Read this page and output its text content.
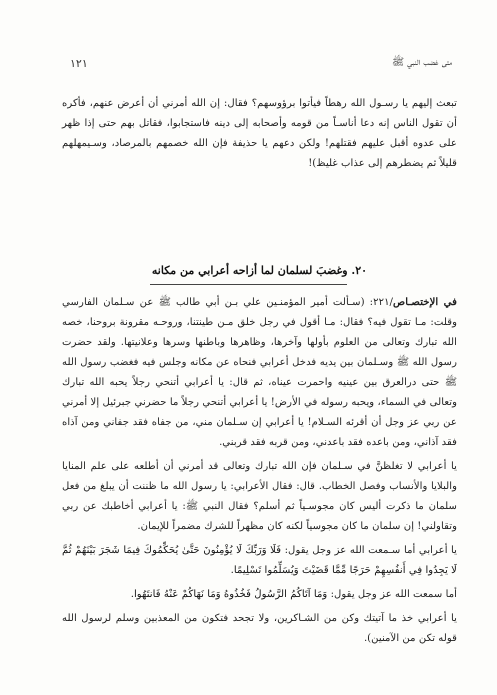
١٢١	متى غضب النبي ﷺ

تبعث إليهم يا رسـول الله رهطاً فيأتوا برؤوسهم؟ فقال: إن الله أمرني أن أعرض عنهم، فأكره أن تقول الناس إنه دعا أناسـاً من قومه وأصحابه إلى دينه فاستجابوا، فقاتل بهم حتى إذا ظهر على عدوه أقبل عليهم فقتلهم! ولكن دعهم يا حذيفة فإن الله خصمهم بالمرصاد، وسـيمهلهم قليلاً ثم يضطرهم إلى عذاب غليظ)!

٢٠. وغضبَ لسلمان لما أزاحه أعرابي من مكانه

في الإختصـاص/٢٢١: (سـألت أمير المؤمنـين علي بـن أبي طالب ﷺ عن سـلمان الفارسي وقلت: مـا تقول فيه؟ فقال: مـا أقول في رجل خلق مـن طينتنا، وروحـه مقرونة بروحنا، خصه الله تبارك وتعالى من العلوم بأولها وآخرها، وظاهرها وباطنها وسرها وعلانيتها. ولقد حضرت رسول الله ﷺ وسـلمان بين يديه فدخل أعرابي فنحاه عن مكانه وجلس فيه فغضب رسول الله ﷺ حتى درالعرق بين عينيه واحمرت عيناه، ثم قال: يا أعرابي أتنحي رجلاً يحبه الله تبارك وتعالى في السماء، ويحبه رسوله في الأرض! يا أعرابي أتنحي رجلاً ما حضرني جبرئيل إلا أمرني عن ربي عز وجل أن أقرئه السـلام! يا أعرابي إن سـلمان مني، من جفاه فقد جفاني ومن آذاه فقد آذاني، ومن باعده فقد باعدني، ومن قربه فقد قربني.

يا أعرابي لا تغلظنَّ في سـلمان فإن الله تبارك وتعالى قد أمرني أن أطلعه على علم المنايا والبلايا والأنساب وفصل الخطاب. قال: فقال الأعرابي: يا رسول الله ما ظننت أن يبلغ من فعل سلمان ما ذكرت أليس كان مجوسـياً ثم أسلم؟ فقال النبي ﷺ: يا أعرابي أخاطبك عن ربي وتقاولني! إن سلمان ما كان مجوسياً لكنه كان مظهراً للشرك مضمراً للإيمان.

يا أعرابي أما سـمعت الله عز وجل يقول: فَلَا وَرَبِّكَ لَا يُؤْمِنُونَ حَتَّىٰ يُحَكِّمُوكَ فِيمَا شَجَرَ بَيْنَهُمْ ثُمَّ لَا يَجِدُوا فِي أَنفُسِهِمْ حَرَجًا مِّمَّا قَضَيْتَ وَيُسَلِّمُوا تَسْلِيمًا.

أما سمعت الله عز وجل يقول: وَمَا آتَاكُمُ الرَّسُولُ فَخُذُوهُ وَمَا نَهَاكُمْ عَنْهُ فَانتَهُوا.

يا أعرابي خذ ما آتيتك وكن من الشـاكرين، ولا تجحد فتكون من المعذبين وسلم لرسول الله قوله تكن من الآمنين).
